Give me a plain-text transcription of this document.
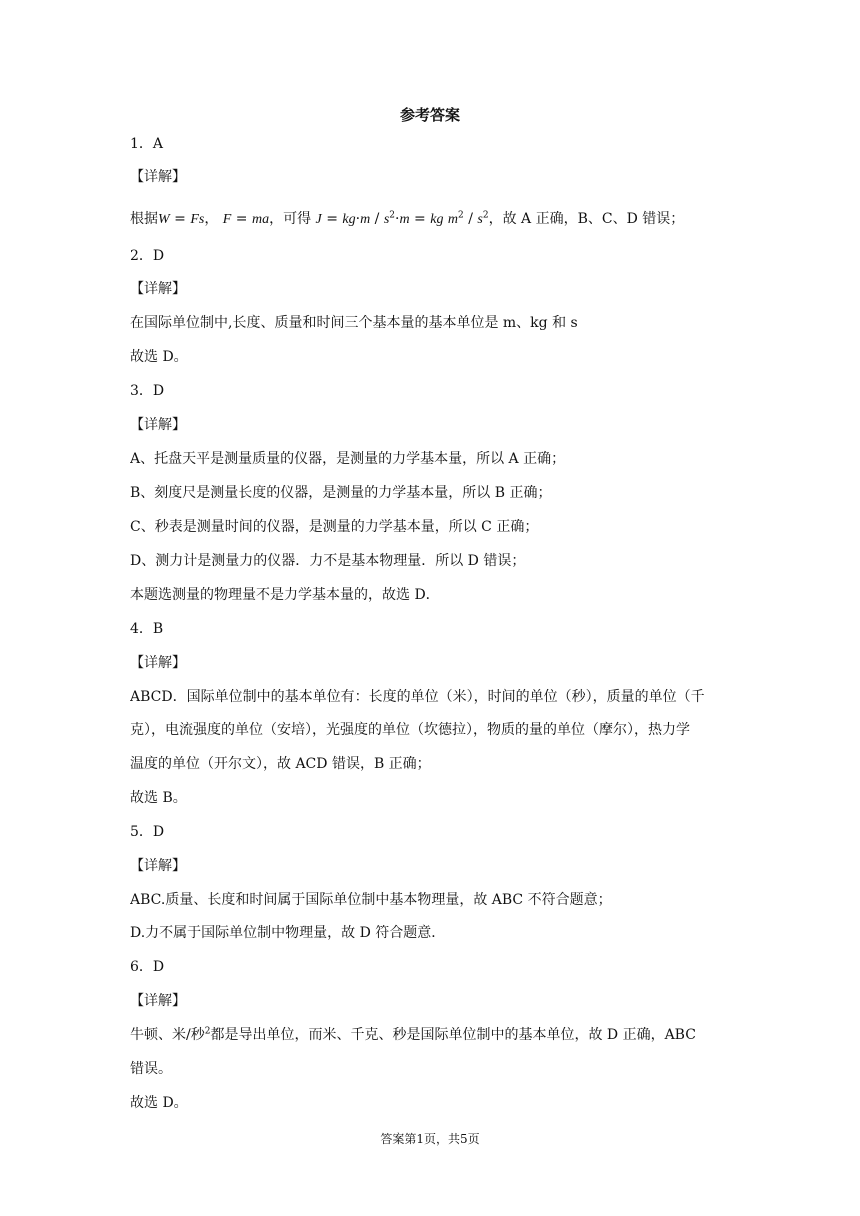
参考答案
1．A
【详解】
根据W = Fs， F = ma，可得 $J = kg\cdot m / s^2\cdot m$ = kg $m^2 / s^2$，故 A 正确，B、C、D 错误；
2．D
【详解】
在国际单位制中,长度、质量和时间三个基本量的基本单位是 m、kg 和 s
故选 D。
3．D
【详解】
A、托盘天平是测量质量的仪器，是测量的力学基本量，所以 A 正确；
B、刻度尺是测量长度的仪器，是测量的力学基本量，所以 B 正确；
C、秒表是测量时间的仪器，是测量的力学基本量，所以 C 正确；
D、测力计是测量力的仪器．力不是基本物理量．所以 D 错误；
本题选测量的物理量不是力学基本量的，故选 D．
4．B
【详解】
ABCD．国际单位制中的基本单位有：长度的单位（米），时间的单位（秒），质量的单位（千
克），电流强度的单位（安培），光强度的单位（坎德拉），物质的量的单位（摩尔），热力学
温度的单位（开尔文），故 ACD 错误，B 正确；
故选 B。
5．D
【详解】
ABC.质量、长度和时间属于国际单位制中基本物理量，故 ABC 不符合题意；
D.力不属于国际单位制中物理量，故 D 符合题意．
6．D
【详解】
牛顿、米/秒$^2$都是导出单位，而米、千克、秒是国际单位制中的基本单位，故 D 正确，ABC
错误。
故选 D。
答案第1页，共5页
